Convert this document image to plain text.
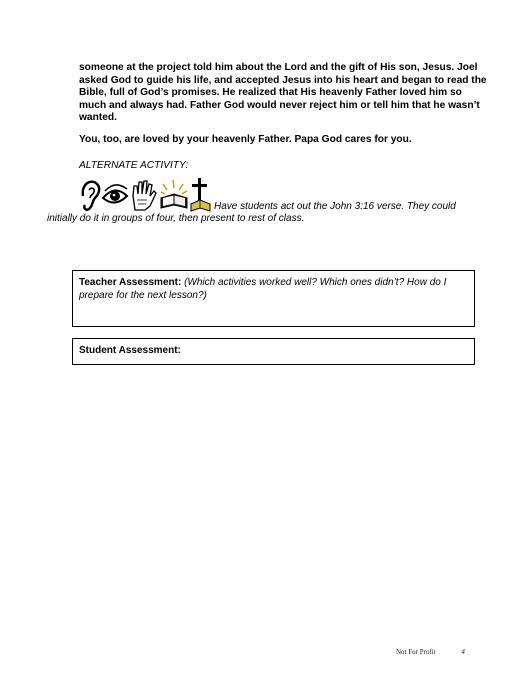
someone at the project told him about the Lord and the gift of His son, Jesus. Joel asked God to guide his life, and accepted Jesus into his heart and began to read the Bible, full of God’s promises. He realized that His heavenly Father loved him so much and always had. Father God would never reject him or tell him that he wasn’t wanted.
You, too, are loved by your heavenly Father. Papa God cares for you.
ALTERNATE ACTIVITY:
Have students act out the John 3:16 verse. They could initially do it in groups of four, then present to rest of class.
Teacher Assessment: (Which activities worked well? Which ones didn’t? How do I prepare for the next lesson?)
Student Assessment:
Not For Profit	4
